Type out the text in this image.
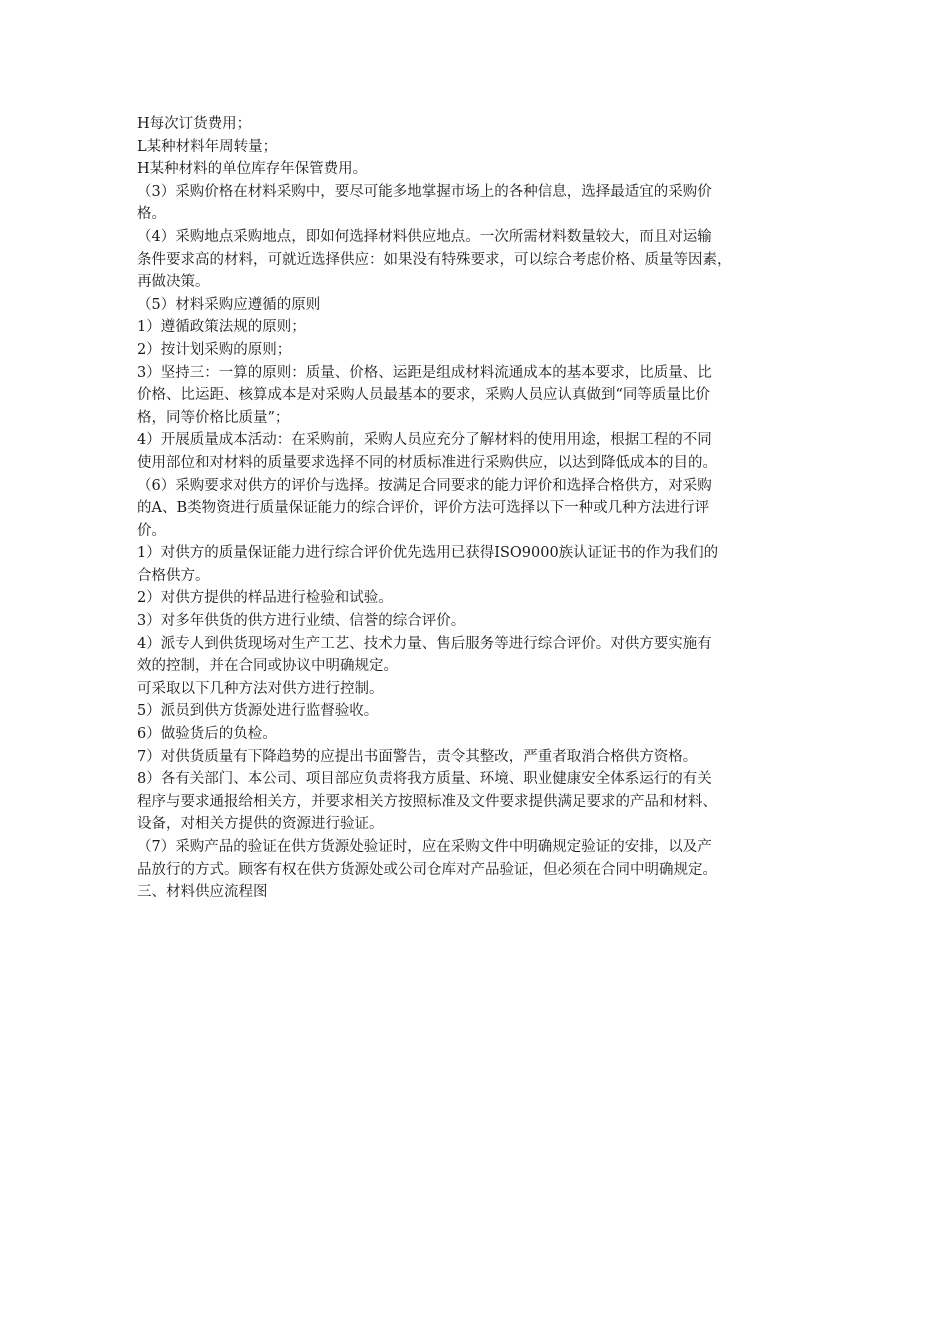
H每次订货费用；
L某种材料年周转量；
H某种材料的单位库存年保管费用。
（3）采购价格在材料采购中，要尽可能多地掌握市场上的各种信息，选择最适宜的采购价
格。
（4）采购地点采购地点，即如何选择材料供应地点。一次所需材料数量较大，而且对运输
条件要求高的材料，可就近选择供应：如果没有特殊要求，可以综合考虑价格、质量等因素，
再做决策。
（5）材料采购应遵循的原则
1）遵循政策法规的原则；
2）按计划采购的原则；
3）坚持三：一算的原则：质量、价格、运距是组成材料流通成本的基本要求，比质量、比
价格、比运距、核算成本是对采购人员最基本的要求，采购人员应认真做到“同等质量比价
格，同等价格比质量”；
4）开展质量成本活动：在采购前，采购人员应充分了解材料的使用用途，根据工程的不同
使用部位和对材料的质量要求选择不同的材质标准进行采购供应，以达到降低成本的目的。
（6）采购要求对供方的评价与选择。按满足合同要求的能力评价和选择合格供方，对采购
的A、B类物资进行质量保证能力的综合评价，评价方法可选择以下一种或几种方法进行评
价。
1）对供方的质量保证能力进行综合评价优先选用已获得ISO9000族认证证书的作为我们的
合格供方。
2）对供方提供的样品进行检验和试验。
3）对多年供货的供方进行业绩、信誉的综合评价。
4）派专人到供货现场对生产工艺、技术力量、售后服务等进行综合评价。对供方要实施有
效的控制，并在合同或协议中明确规定。
可采取以下几种方法对供方进行控制。
5）派员到供方货源处进行监督验收。
6）做验货后的负检。
7）对供货质量有下降趋势的应提出书面警告，责令其整改，严重者取消合格供方资格。
8）各有关部门、本公司、项目部应负责将我方质量、环境、职业健康安全体系运行的有关
程序与要求通报给相关方，并要求相关方按照标准及文件要求提供满足要求的产品和材料、
设备，对相关方提供的资源进行验证。
（7）采购产品的验证在供方货源处验证时，应在采购文件中明确规定验证的安排，以及产
品放行的方式。顾客有权在供方货源处或公司仓库对产品验证，但必须在合同中明确规定。
三、材料供应流程图
